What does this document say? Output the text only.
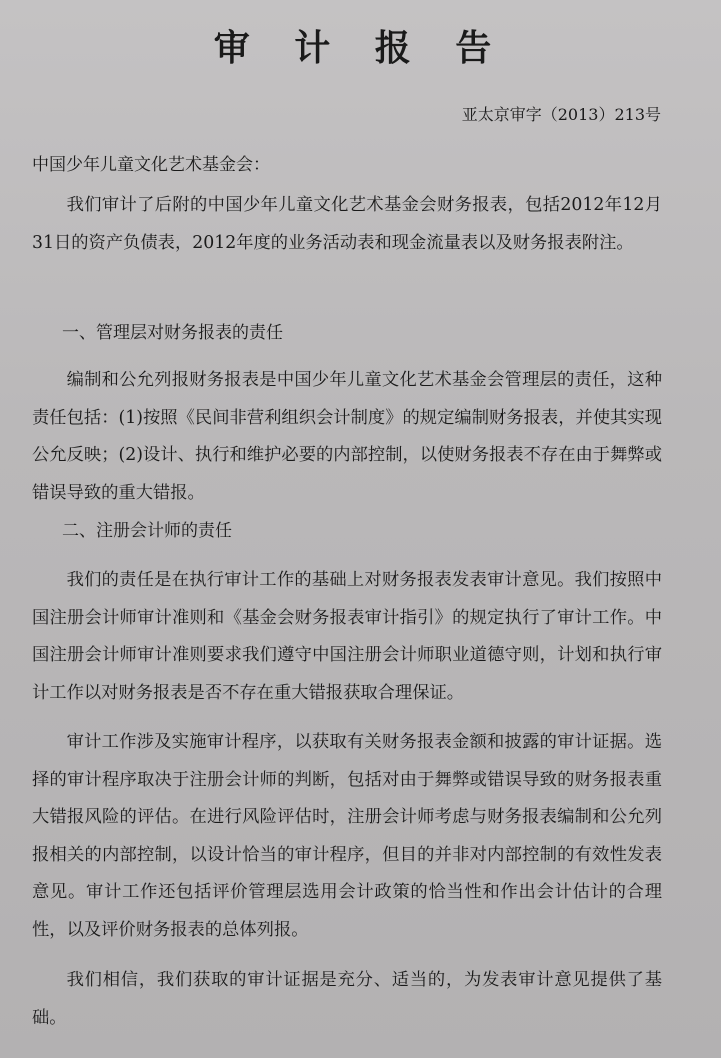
审 计 报 告
亚太京审字（2013）213号
中国少年儿童文化艺术基金会：

我们审计了后附的中国少年儿童文化艺术基金会财务报表，包括2012年12月31日的资产负债表，2012年度的业务活动表和现金流量表以及财务报表附注。

一、管理层对财务报表的责任

编制和公允列报财务报表是中国少年儿童文化艺术基金会管理层的责任，这种责任包括：(1)按照《民间非营利组织会计制度》的规定编制财务报表，并使其实现公允反映；(2)设计、执行和维护必要的内部控制，以使财务报表不存在由于舞弊或错误导致的重大错报。

二、注册会计师的责任

我们的责任是在执行审计工作的基础上对财务报表发表审计意见。我们按照中国注册会计师审计准则和《基金会财务报表审计指引》的规定执行了审计工作。中国注册会计师审计准则要求我们遵守中国注册会计师职业道德守则，计划和执行审计工作以对财务报表是否不存在重大错报获取合理保证。

审计工作涉及实施审计程序，以获取有关财务报表金额和披露的审计证据。选择的审计程序取决于注册会计师的判断，包括对由于舞弊或错误导致的财务报表重大错报风险的评估。在进行风险评估时，注册会计师考虑与财务报表编制和公允列报相关的内部控制，以设计恰当的审计程序，但目的并非对内部控制的有效性发表意见。审计工作还包括评价管理层选用会计政策的恰当性和作出会计估计的合理性，以及评价财务报表的总体列报。

我们相信，我们获取的审计证据是充分、适当的，为发表审计意见提供了基础。
